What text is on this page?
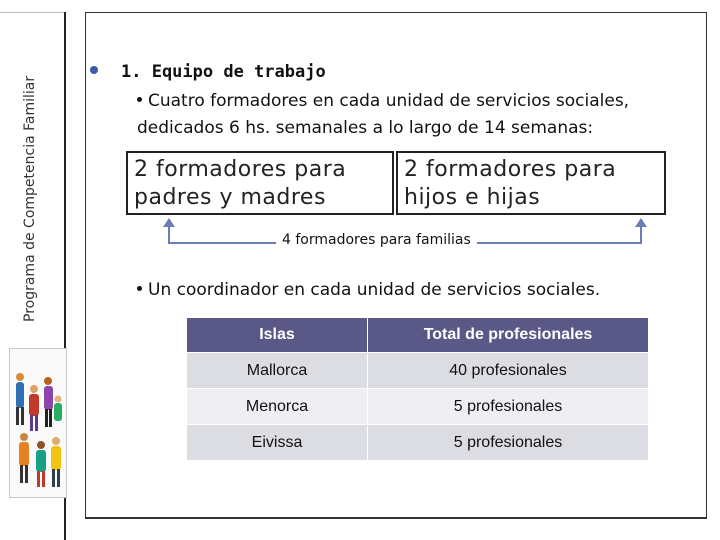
Programa de Competencia Familiar
1. Equipo de trabajo
Cuatro formadores en cada unidad de servicios sociales, dedicados 6 hs. semanales a lo largo de 14 semanas:
2 formadores para padres y madres
2 formadores para hijos e hijas
4 formadores para familias
Un coordinador en cada unidad de servicios sociales.
Islas	Total de profesionales
Mallorca	40 profesionales
Menorca	5 profesionales
Eivissa	5 profesionales
